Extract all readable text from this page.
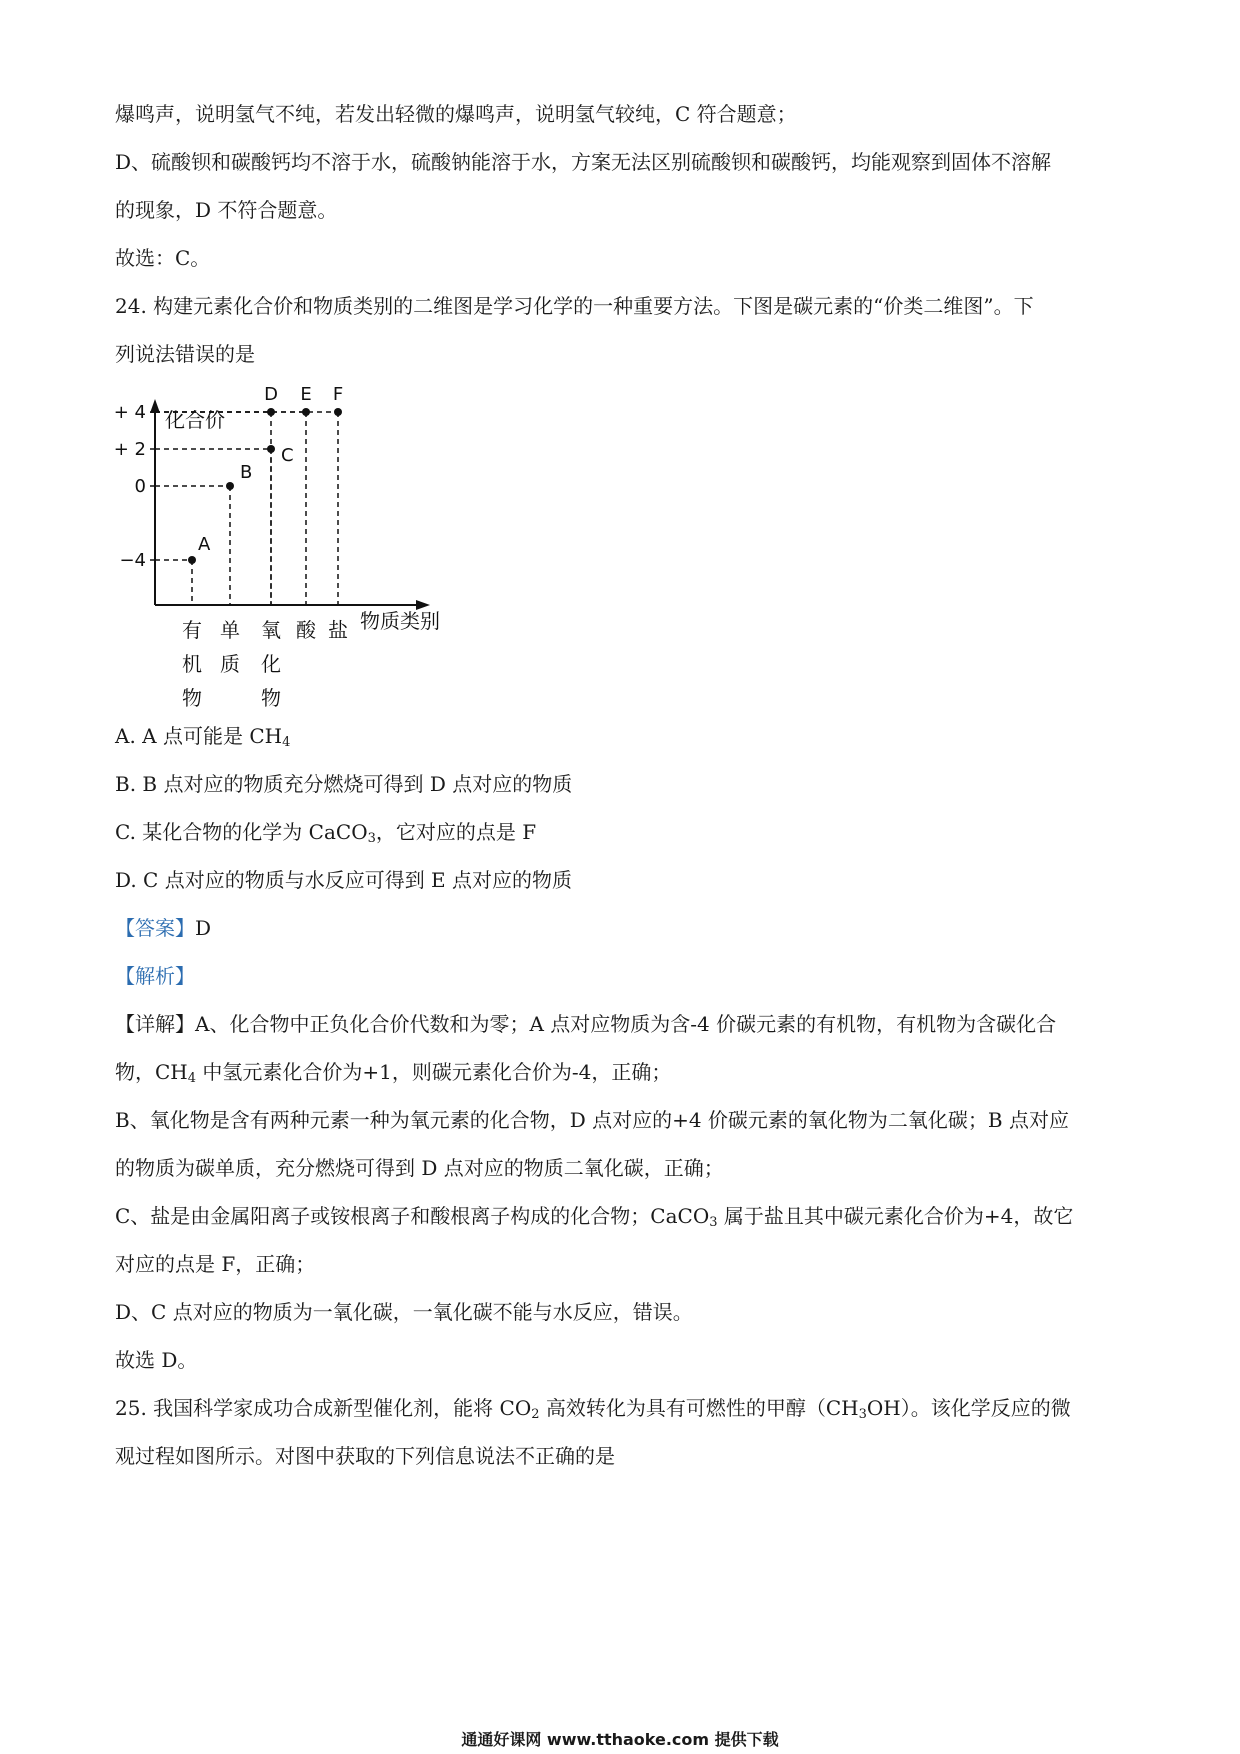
爆鸣声，说明氢气不纯，若发出轻微的爆鸣声，说明氢气较纯，C 符合题意；
D、硫酸钡和碳酸钙均不溶于水，硫酸钠能溶于水，方案无法区别硫酸钡和碳酸钙，均能观察到固体不溶解
的现象，D 不符合题意。
故选：C。
24. 构建元素化合价和物质类别的二维图是学习化学的一种重要方法。下图是碳元素的“价类二维图”。下
列说法错误的是
化合价
物质类别
+ 4
+ 2
0
−4
有
机
物
单
质
氧
化
物
酸 盐
A
B
C
D E F
A. A 点可能是 $CH_4$
B. B 点对应的物质充分燃烧可得到 D 点对应的物质
C. 某化合物的化学为 CaCO$_3$，它对应的点是 F
D. C 点对应的物质与水反应可得到 E 点对应的物质
【答案】D
【解析】
【详解】A、化合物中正负化合价代数和为零；A 点对应物质为含-4 价碳元素的有机物，有机物为含碳化合
物，$CH_4$ 中氢元素化合价为+1，则碳元素化合价为-4，正确；
B、氧化物是含有两种元素一种为氧元素的化合物，D 点对应的+4 价碳元素的氧化物为二氧化碳；B 点对应
的物质为碳单质，充分燃烧可得到 D 点对应的物质二氧化碳，正确；
C、盐是由金属阳离子或铵根离子和酸根离子构成的化合物；CaCO$_3$ 属于盐且其中碳元素化合价为+4，故它
对应的点是 F，正确；
D、C 点对应的物质为一氧化碳，一氧化碳不能与水反应，错误。
故选 D。
25. 我国科学家成功合成新型催化剂，能将 $CO_2$ 高效转化为具有可燃性的甲醇$(CH_3OH)$。该化学反应的微
观过程如图所示。对图中获取的下列信息说法不正确的是
通通好课网 www.tthaoke.com 提供下载
